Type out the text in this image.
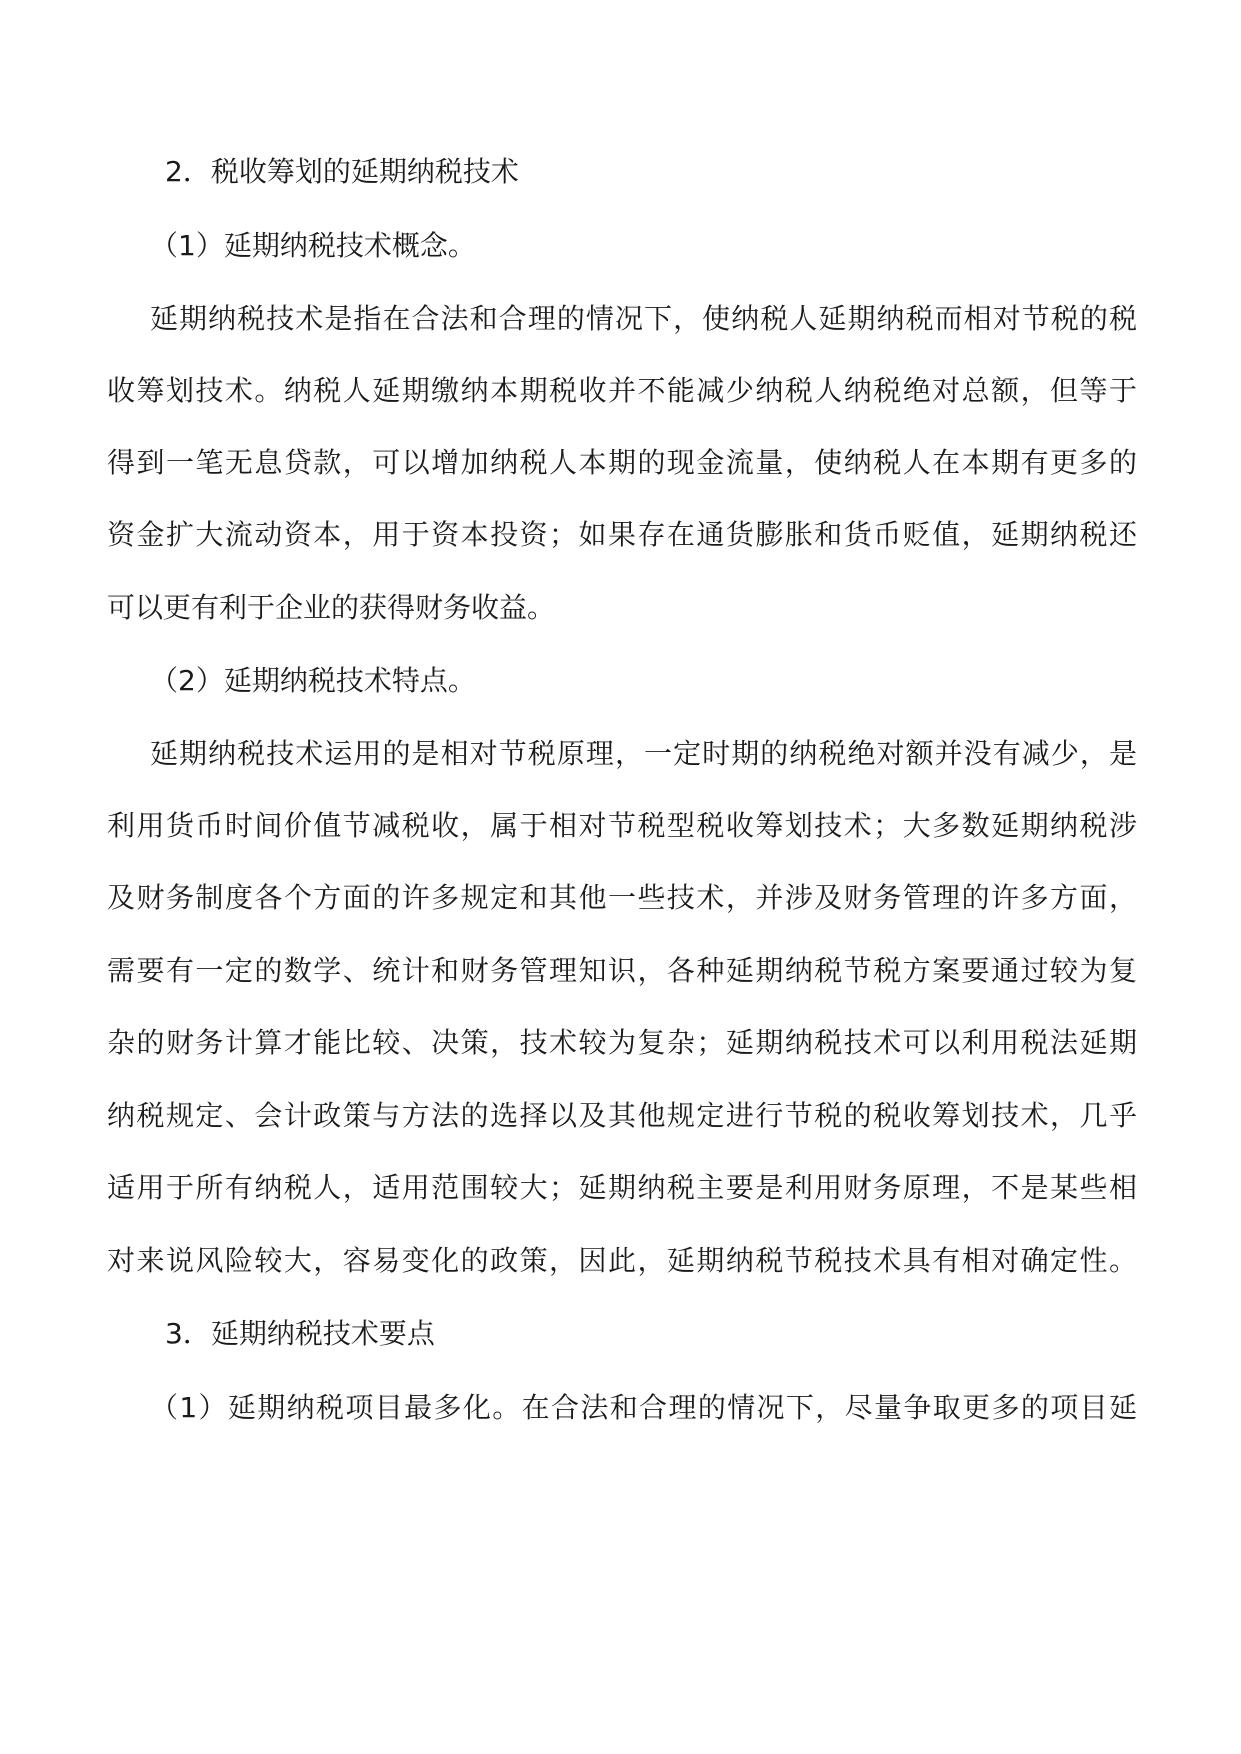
2．税收筹划的延期纳税技术
（1）延期纳税技术概念。
延期纳税技术是指在合法和合理的情况下，使纳税人延期纳税而相对节税的税
收筹划技术。纳税人延期缴纳本期税收并不能减少纳税人纳税绝对总额，但等于
得到一笔无息贷款，可以增加纳税人本期的现金流量，使纳税人在本期有更多的
资金扩大流动资本，用于资本投资；如果存在通货膨胀和货币贬值，延期纳税还
可以更有利于企业的获得财务收益。
（2）延期纳税技术特点。
延期纳税技术运用的是相对节税原理，一定时期的纳税绝对额并没有减少，是
利用货币时间价值节减税收，属于相对节税型税收筹划技术；大多数延期纳税涉
及财务制度各个方面的许多规定和其他一些技术，并涉及财务管理的许多方面，
需要有一定的数学、统计和财务管理知识，各种延期纳税节税方案要通过较为复
杂的财务计算才能比较、决策，技术较为复杂；延期纳税技术可以利用税法延期
纳税规定、会计政策与方法的选择以及其他规定进行节税的税收筹划技术，几乎
适用于所有纳税人，适用范围较大；延期纳税主要是利用财务原理，不是某些相
对来说风险较大，容易变化的政策，因此，延期纳税节税技术具有相对确定性。
3．延期纳税技术要点
（1）延期纳税项目最多化。在合法和合理的情况下，尽量争取更多的项目延
